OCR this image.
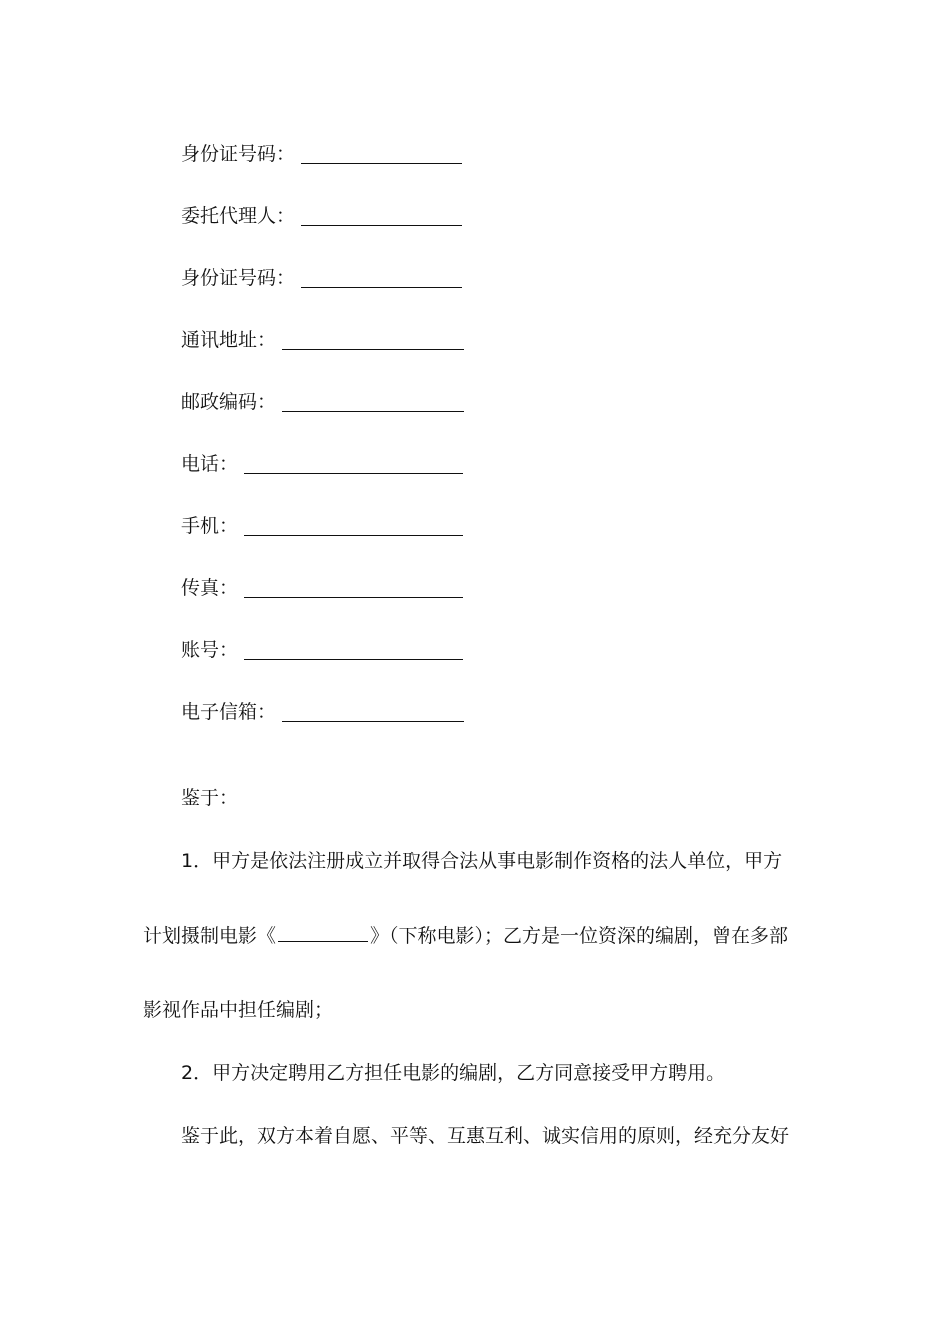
身份证号码：
委托代理人：
身份证号码：
通讯地址：
邮政编码：
电话：
手机：
传真：
账号：
电子信箱：
鉴于：
1．甲方是依法注册成立并取得合法从事电影制作资格的法人单位，甲方
计划摄制电影《	》（下称电影）；乙方是一位资深的编剧，曾在多部
影视作品中担任编剧；
2．甲方决定聘用乙方担任电影的编剧，乙方同意接受甲方聘用。
鉴于此，双方本着自愿、平等、互惠互利、诚实信用的原则，经充分友好
